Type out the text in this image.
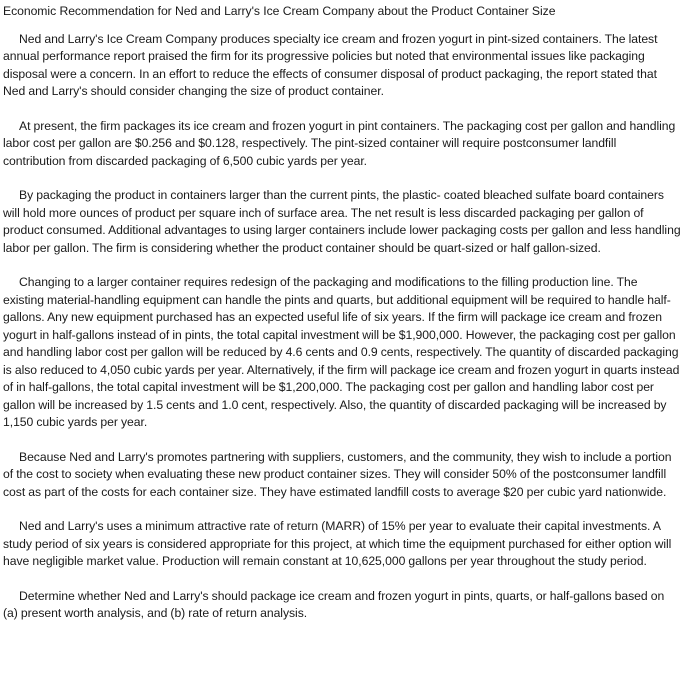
Economic Recommendation for Ned and Larry's Ice Cream Company about the Product Container Size

Ned and Larry's Ice Cream Company produces specialty ice cream and frozen yogurt in pint-sized containers. The latest annual performance report praised the firm for its progressive policies but noted that environmental issues like packaging disposal were a concern. In an effort to reduce the effects of consumer disposal of product packaging, the report stated that Ned and Larry's should consider changing the size of product container.

At present, the firm packages its ice cream and frozen yogurt in pint containers. The packaging cost per gallon and handling labor cost per gallon are $0.256 and $0.128, respectively. The pint-sized container will require postconsumer landfill contribution from discarded packaging of 6,500 cubic yards per year.

By packaging the product in containers larger than the current pints, the plastic- coated bleached sulfate board containers will hold more ounces of product per square inch of surface area. The net result is less discarded packaging per gallon of product consumed. Additional advantages to using larger containers include lower packaging costs per gallon and less handling labor per gallon. The firm is considering whether the product container should be quart-sized or half gallon-sized.

Changing to a larger container requires redesign of the packaging and modifications to the filling production line. The existing material-handling equipment can handle the pints and quarts, but additional equipment will be required to handle half- gallons. Any new equipment purchased has an expected useful life of six years. If the firm will package ice cream and frozen yogurt in half-gallons instead of in pints, the total capital investment will be $1,900,000. However, the packaging cost per gallon and handling labor cost per gallon will be reduced by 4.6 cents and 0.9 cents, respectively. The quantity of discarded packaging is also reduced to 4,050 cubic yards per year. Alternatively, if the firm will package ice cream and frozen yogurt in quarts instead of in half-gallons, the total capital investment will be $1,200,000. The packaging cost per gallon and handling labor cost per gallon will be increased by 1.5 cents and 1.0 cent, respectively. Also, the quantity of discarded packaging will be increased by 1,150 cubic yards per year.

Because Ned and Larry's promotes partnering with suppliers, customers, and the community, they wish to include a portion of the cost to society when evaluating these new product container sizes. They will consider 50% of the postconsumer landfill cost as part of the costs for each container size. They have estimated landfill costs to average $20 per cubic yard nationwide.

Ned and Larry's uses a minimum attractive rate of return (MARR) of 15% per year to evaluate their capital investments. A study period of six years is considered appropriate for this project, at which time the equipment purchased for either option will have negligible market value. Production will remain constant at 10,625,000 gallons per year throughout the study period.

Determine whether Ned and Larry's should package ice cream and frozen yogurt in pints, quarts, or half-gallons based on (a) present worth analysis, and (b) rate of return analysis.
